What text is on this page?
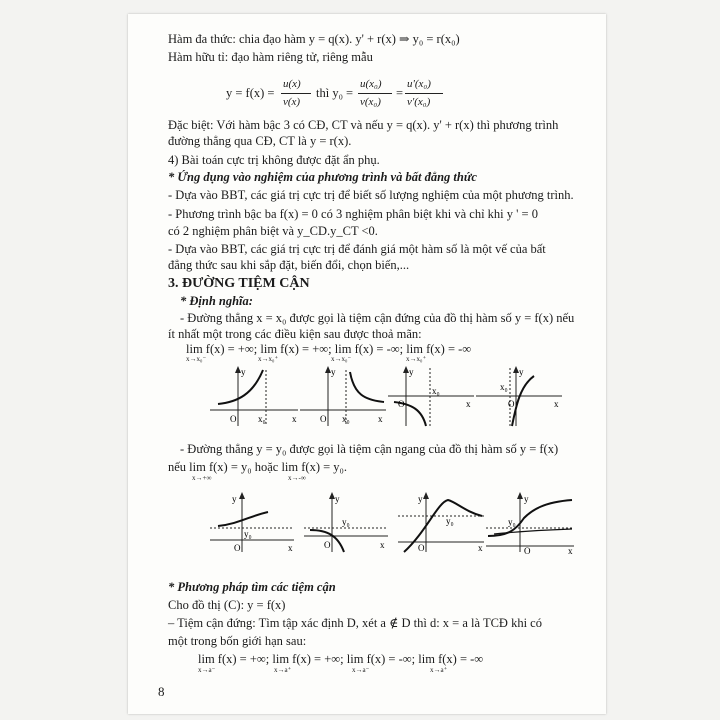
Hàm đa thức: chia đạo hàm y = q(x). y' + r(x) ⇒ y₀ = r(x₀)
Hàm hữu tỉ: đạo hàm riêng tử, riêng mẫu
y = f(x) =
u(x)
v(x)
thì y₀ =
u(x₀)
v(x₀)
=
u'(x₀)
v'(x₀)
Đặc biệt: Với hàm bậc 3 có CĐ, CT và nếu y = q(x). y' + r(x) thì phương trình
đường thẳng qua CĐ, CT là y = r(x).
4) Bài toán cực trị không được đặt ẩn phụ.
* Ứng dụng vào nghiệm của phương trình và bất đẳng thức
- Dựa vào BBT, các giá trị cực trị để biết số lượng nghiệm của một phương trình.
- Phương trình bậc ba f(x) = 0 có 3 nghiệm phân biệt khi và chỉ khi y ' = 0
có 2 nghiệm phân biệt và y_CD.y_CT <0.
- Dựa vào BBT, các giá trị cực trị để đánh giá một hàm số là một vế của bất
đẳng thức sau khi sắp đặt, biến đổi, chọn biến,...
3. ĐƯỜNG TIỆM CẬN
* Định nghĩa:
- Đường thẳng x = x₀ được gọi là tiệm cận đứng của đồ thị hàm số y = f(x) nếu
ít nhất một trong các điều kiện sau được thoả mãn:
lim f(x) = +∞; lim f(x) = +∞; lim f(x) = -∞; lim f(x) = -∞
x→x₀⁻	x→x₀⁺	x→x₀⁻	x→x₀⁺
y
O x₀	x
y
O x₀	x
y
O
x₀
x
y
x₀
O	x
- Đường thẳng y = y₀ được gọi là tiệm cận ngang của đồ thị hàm số y = f(x)
nếu lim f(x) = y₀ hoặc lim f(x) = y₀.
x→+∞	x→-∞
y
y₀
O	x
y
y₀
O	x
y
y₀
O	x
y
y₀
O	x
* Phương pháp tìm các tiệm cận
Cho đồ thị (C): y = f(x)
– Tiệm cận đứng: Tìm tập xác định D, xét a ∉ D thì d: x = a là TCĐ khi có
một trong bốn giới hạn sau:
lim f(x) = +∞; lim f(x) = +∞; lim f(x) = -∞; lim f(x) = -∞
x→a⁻	x→a⁺	x→a⁻	x→a⁺
8
